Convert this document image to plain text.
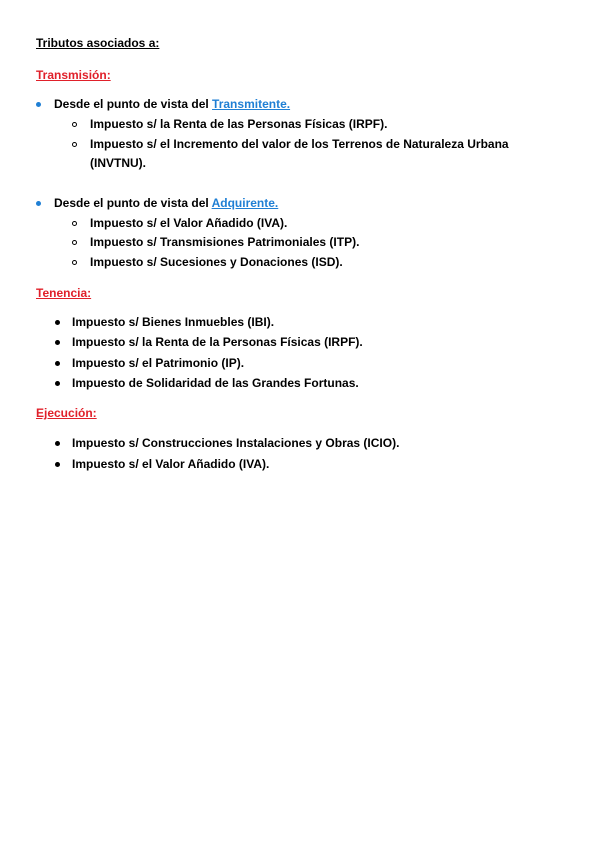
Tributos asociados a:
Transmisión:
Desde el punto de vista del Transmitente.
Impuesto s/ la Renta de las Personas Físicas (IRPF).
Impuesto s/ el Incremento del valor de los Terrenos de Naturaleza Urbana
(INVTNU).
Desde el punto de vista del Adquirente.
Impuesto s/ el Valor Añadido (IVA).
Impuesto s/ Transmisiones Patrimoniales (ITP).
Impuesto s/ Sucesiones y Donaciones (ISD).
Tenencia:
Impuesto s/ Bienes Inmuebles (IBI).
Impuesto s/ la Renta de la Personas Físicas (IRPF).
Impuesto s/ el Patrimonio (IP).
Impuesto de Solidaridad de las Grandes Fortunas.
Ejecución:
Impuesto s/ Construcciones Instalaciones y Obras (ICIO).
Impuesto s/ el Valor Añadido (IVA).
